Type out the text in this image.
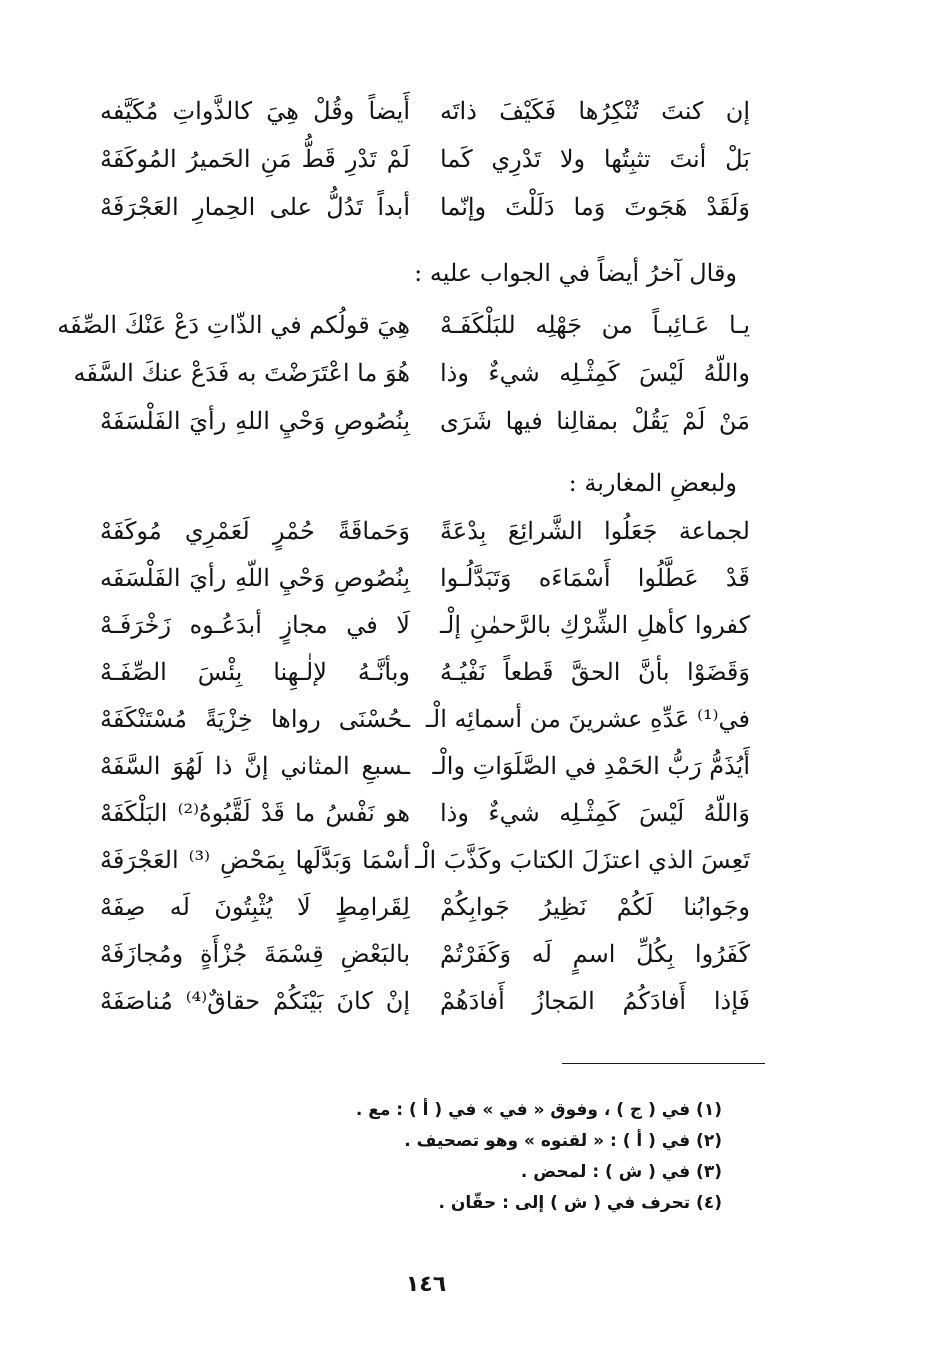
إن كنتَ تُنْكِرُها فَكَيْفَ ذاتَه
أَيضاً وقُلْ هِيَ كالذَّواتِ مُكَيَّفه
بَلْ أنتَ تثبِتُها ولا تَدْرِي كَما
لَمْ تَدْرِ قَطُّ مَنِ الحَميرُ المُوكَفَهْ
وَلَقَدْ هَجَوتَ وَما دَلَلْتَ وإنّما
أبداً تَدُلُّ على الحِمارِ العَجْرَفَهْ
وقال آخرُ أيضاً في الجواب عليه :
يـا عَـائِبـاً من جَهْلِه للبَلْكَفَـهْ
هِيَ قولُكم في الذّاتِ دَعْ عَنْكَ الصِّفَه
واللّهُ لَيْسَ كَمِثْـلِه شيءٌ وذا
هُوَ ما اعْتَرَضْتَ به فَدَعْ عنكَ السَّفَه
مَنْ لَمْ يَقُلْ بمقالِنا فيها شَرَى
بِنُصُوصِ وَحْيِ اللهِ رأيَ الفَلْسَفَهْ
ولبعضِ المغاربة :
لجماعة جَعَلُوا الشَّرائِعَ بِدْعَةً
وَحَماقَةً حُمْرٍ لَعَمْرِي مُوكَفَهْ
قَدْ عَطَّلُوا أَسْمَاءَه وَتَبَدَّلُـوا
بِنُصُوصِ وَحْيِ اللّهِ رأيَ الفَلْسَفَه
كفروا كأهلِ الشِّرْكِ بالرَّحمٰنِ إلْـ
لَا في مجازٍ أبدَعُـوه زَخْرَفَـهْ
وَقَضَوْا بأنَّ الحقَّ قَطعاً نَفْيُـهُ
وبأنَّـهُ لإلٰـهِنا بِئْسَ الصِّفَـهْ
في⁽¹⁾ عَدِّهِ عشرينَ من أسمائِه الْـ
ـحُسْنَى رواها خِزْيَةً مُسْتَنْكَفَهْ
أَيُذَمُّ رَبُّ الحَمْدِ في الصَّلَوَاتِ والْـ
ـسبعِ المثاني إنَّ ذا لَهُوَ السَّفَهْ
وَاللّهُ لَيْسَ كَمِثْـلِه شيءٌ وذا
هو نَفْسُ ما قَدْ لَقَّبُوهُ⁽²⁾ البَلْكَفَهْ
تَعِسَ الذي اعتزَلَ الكتابَ وكَذَّبَ الْـ
أسْمَا وَبَدَّلَها بِمَحْضِ ⁽³⁾ العَجْرَفَهْ
وجَوابُنا لَكُمْ نَظِيرُ جَوابِكُمْ
لِقَرامِطٍ لَا يُثْبِتُونَ لَه صِفَهْ
كَفَرُوا بِكُلِّ اسمٍ لَه وَكَفَرْتُمْ
بالبَعْضِ قِسْمَةَ جُزْأَةٍ ومُجازَفَهْ
فَإذا أَفادَكُمُ المَجازُ أَفادَهُمْ
إنْ كانَ بَيْنَكُمْ حقاقٌ⁽⁴⁾ مُناصَفَهْ
(١) في ( ج ) ، وفوق « في » في ( أ ) : مع .
(٢) في ( أ ) : « لقنوه » وهو تصحيف .
(٣) في ( ش ) : لمحض .
(٤) تحرف في ( ش ) إلى : حقّان .
١٤٦
